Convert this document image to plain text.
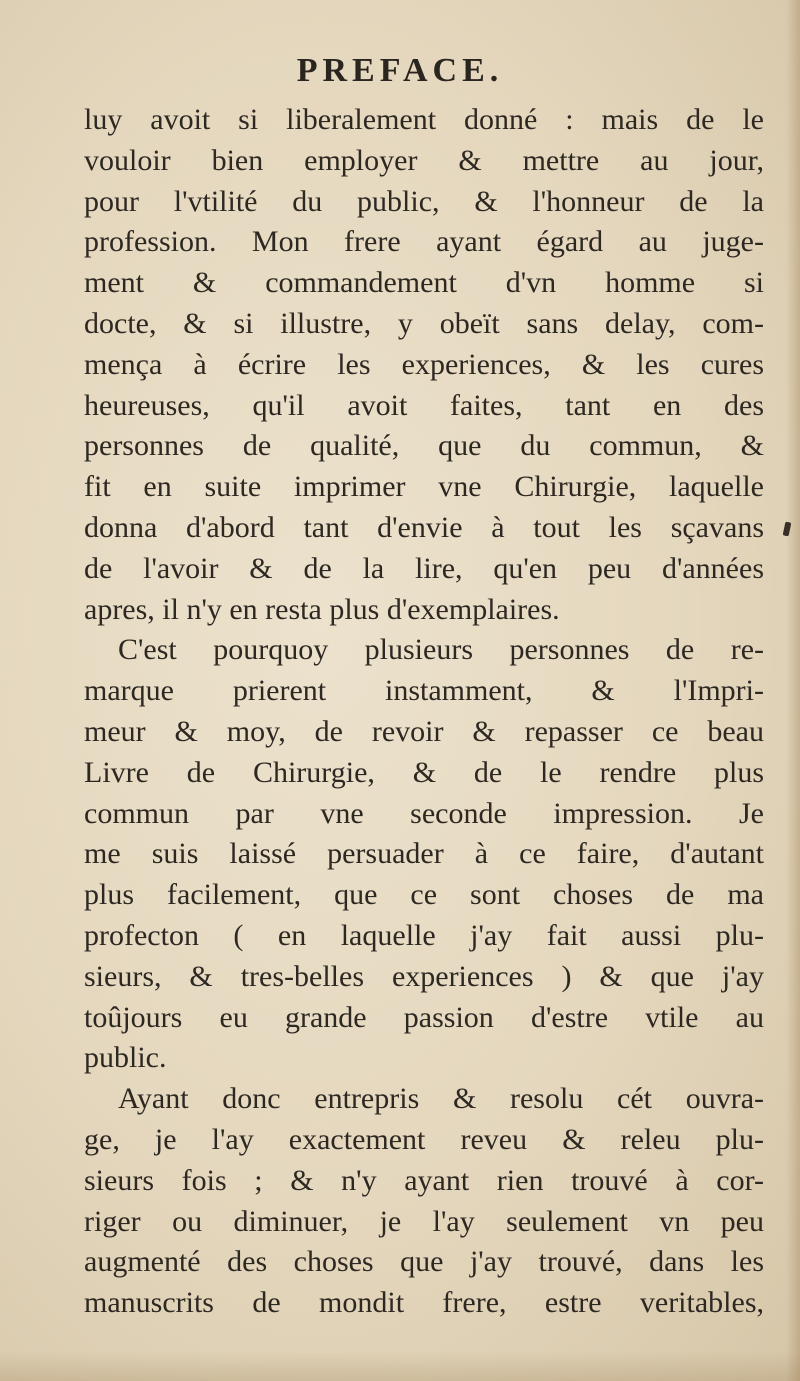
PREFACE.
luy avoit si liberalement donné : mais de le
vouloir bien employer & mettre au jour,
pour l'vtilité du public, & l'honneur de la
profession. Mon frere ayant égard au juge-
ment & commandement d'vn homme si
docte, & si illustre, y obeït sans delay, com-
mença à écrire les experiences, & les cures
heureuses, qu'il avoit faites, tant en des
personnes de qualité, que du commun, &
fit en suite imprimer vne Chirurgie, laquelle
donna d'abord tant d'envie à tout les sçavans
de l'avoir & de la lire, qu'en peu d'années
apres, il n'y en resta plus d'exemplaires.
C'est pourquoy plusieurs personnes de re-
marque prierent instamment, & l'Impri-
meur & moy, de revoir & repasser ce beau
Livre de Chirurgie, & de le rendre plus
commun par vne seconde impression. Je
me suis laissé persuader à ce faire, d'autant
plus facilement, que ce sont choses de ma
profecton ( en laquelle j'ay fait aussi plu-
sieurs, & tres-belles experiences ) & que j'ay
toûjours eu grande passion d'estre vtile au
public.
Ayant donc entrepris & resolu cét ouvra-
ge, je l'ay exactement reveu & releu plu-
sieurs fois ; & n'y ayant rien trouvé à cor-
riger ou diminuer, je l'ay seulement vn peu
augmenté des choses que j'ay trouvé, dans les
manuscrits de mondit frere, estre veritables,
